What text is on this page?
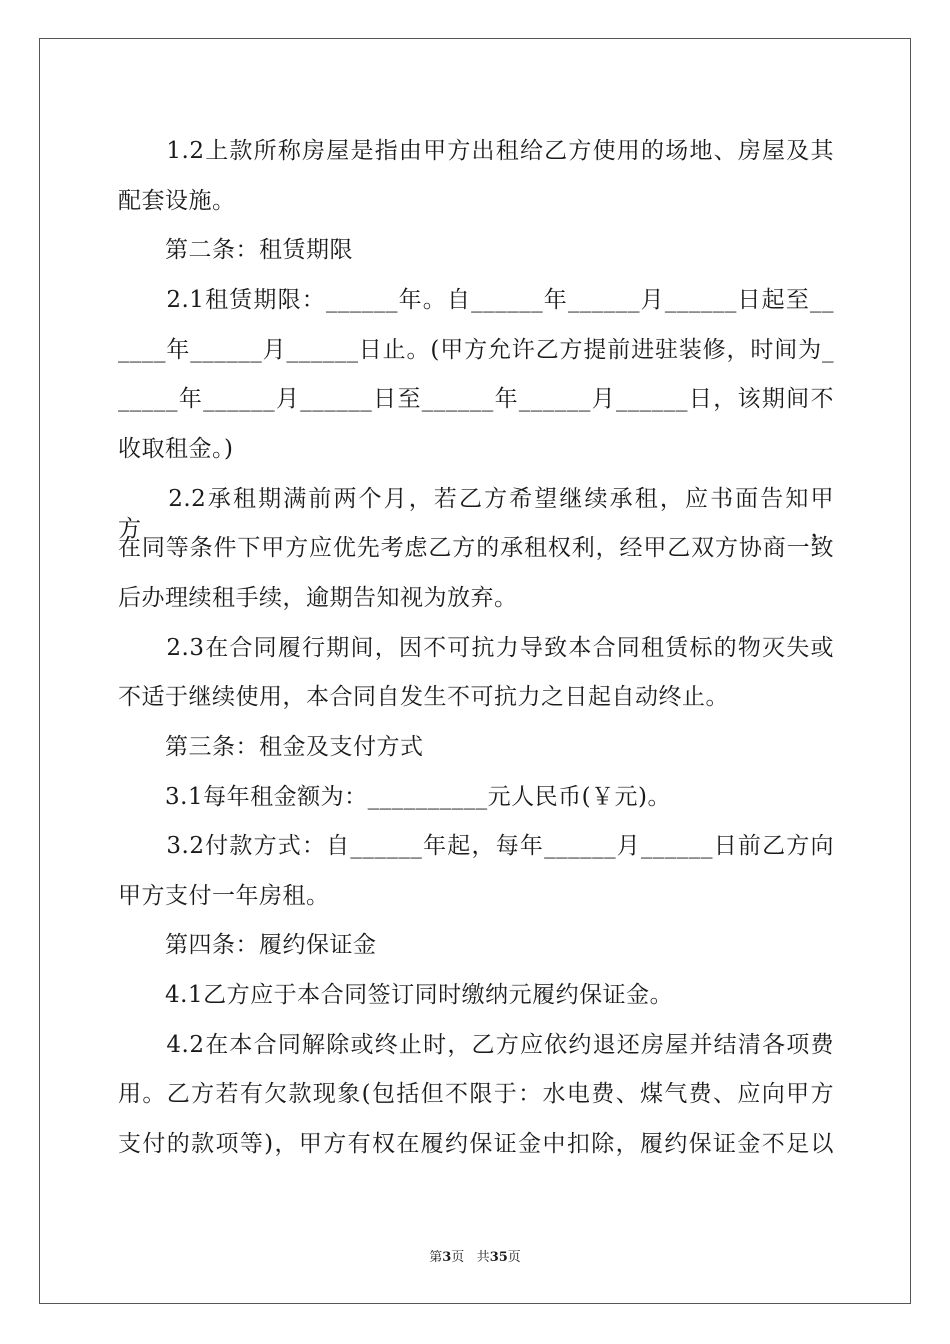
　　1.2上款所称房屋是指由甲方出租给乙方使用的场地、房屋及其
配套设施。
　　第二条：租赁期限
　　2.1租赁期限：______年。自______年______月______日起至__
____年______月______日止。(甲方允许乙方提前进驻装修，时间为_
_____年______月______日至______年______月______日，该期间不
收取租金。)
　　2.2承租期满前两个月，若乙方希望继续承租，应书面告知甲方，
在同等条件下甲方应优先考虑乙方的承租权利，经甲乙双方协商一致
后办理续租手续，逾期告知视为放弃。
　　2.3在合同履行期间，因不可抗力导致本合同租赁标的物灭失或
不适于继续使用，本合同自发生不可抗力之日起自动终止。
　　第三条：租金及支付方式
　　3.1每年租金额为：__________元人民币(￥元)。
　　3.2付款方式：自______年起，每年______月______日前乙方向
甲方支付一年房租。
　　第四条：履约保证金
　　4.1乙方应于本合同签订同时缴纳元履约保证金。
　　4.2在本合同解除或终止时，乙方应依约退还房屋并结清各项费
用。乙方若有欠款现象(包括但不限于：水电费、煤气费、应向甲方
支付的款项等)，甲方有权在履约保证金中扣除，履约保证金不足以
第3页 共35页
